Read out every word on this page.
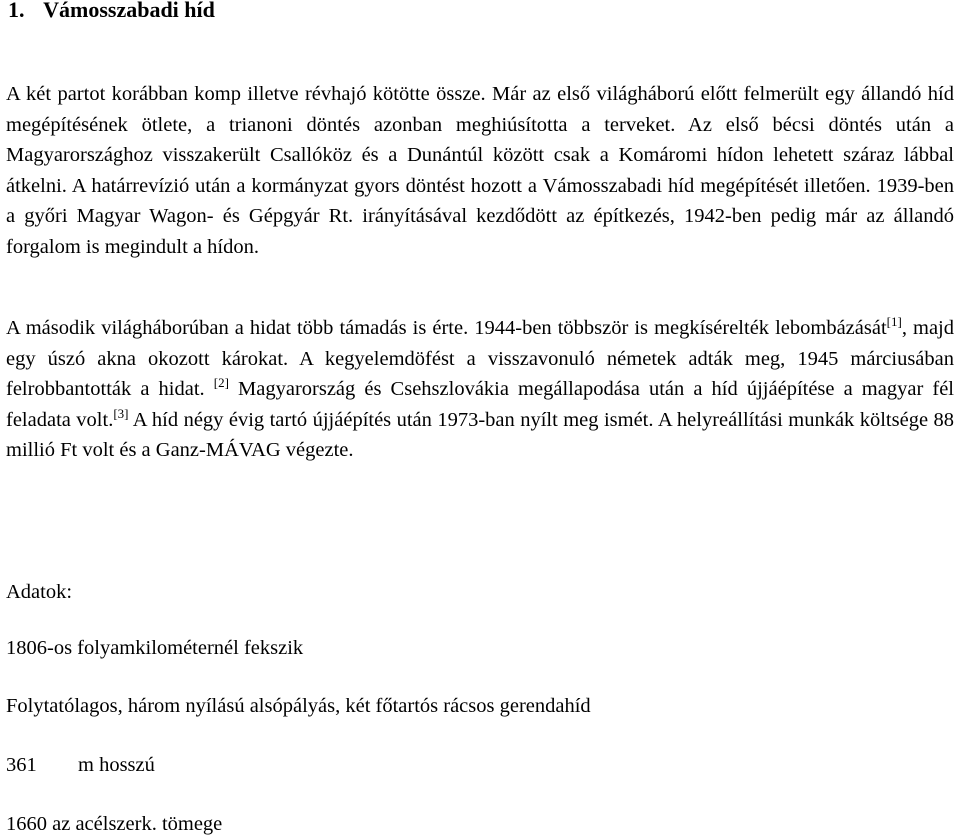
1. Vámosszabadi híd

A két partot korábban komp illetve révhajó kötötte össze. Már az első világháború előtt felmerült egy állandó híd megépítésének ötlete, a trianoni döntés azonban meghiúsította a terveket. Az első bécsi döntés után a Magyarországhoz visszakerült Csallóköz és a Dunántúl között csak a Komáromi hídon lehetett száraz lábbal átkelni. A határrevízió után a kormányzat gyors döntést hozott a Vámosszabadi híd megépítését illetően. 1939-ben a győri Magyar Wagon- és Gépgyár Rt. irányításával kezdődött az építkezés, 1942-ben pedig már az állandó forgalom is megindult a hídon.

A második világháborúban a hidat több támadás is érte. 1944-ben többször is megkísérelték lebombázását[1], majd egy úszó akna okozott károkat. A kegyelemdöfést a visszavonuló németek adták meg, 1945 márciusában felrobbantották a hidat. [2] Magyarország és Csehszlovákia megállapodása után a híd újjáépítése a magyar fél feladata volt.[3] A híd négy évig tartó újjáépítés után 1973-ban nyílt meg ismét. A helyreállítási munkák költsége 88 millió Ft volt és a Ganz-MÁVAG végezte.

Adatok:

1806-os folyamkilométernél fekszik

Folytatólagos, három nyílású alsópályás, két főtartós rácsos gerendahíd

361 m hosszú

1660 az acélszerk. tömege
